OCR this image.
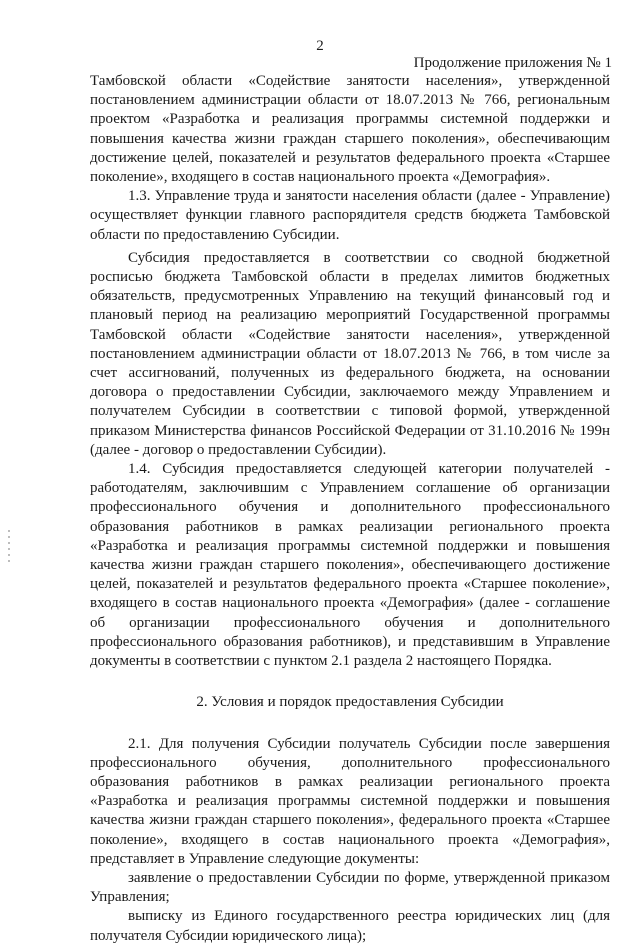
2
Продолжение приложения № 1

Тамбовской области «Содействие занятости населения», утвержденной постановлением администрации области от 18.07.2013 № 766, региональным проектом «Разработка и реализация программы системной поддержки и повышения качества жизни граждан старшего поколения», обеспечивающим достижение целей, показателей и результатов федерального проекта «Старшее поколение», входящего в состав национального проекта «Демография».

1.3. Управление труда и занятости населения области (далее - Управление) осуществляет функции главного распорядителя средств бюджета Тамбовской области по предоставлению Субсидии.

Субсидия предоставляется в соответствии со сводной бюджетной росписью бюджета Тамбовской области в пределах лимитов бюджетных обязательств, предусмотренных Управлению на текущий финансовый год и плановый период на реализацию мероприятий Государственной программы Тамбовской области «Содействие занятости населения», утвержденной постановлением администрации области от 18.07.2013 № 766, в том числе за счет ассигнований, полученных из федерального бюджета, на основании договора о предоставлении Субсидии, заключаемого между Управлением и получателем Субсидии в соответствии с типовой формой, утвержденной приказом Министерства финансов Российской Федерации от 31.10.2016 № 199н (далее - договор о предоставлении Субсидии).

1.4. Субсидия предоставляется следующей категории получателей - работодателям, заключившим с Управлением соглашение об организации профессионального обучения и дополнительного профессионального образования работников в рамках реализации регионального проекта «Разработка и реализация программы системной поддержки и повышения качества жизни граждан старшего поколения», обеспечивающего достижение целей, показателей и результатов федерального проекта «Старшее поколение», входящего в состав национального проекта «Демография» (далее - соглашение об организации профессионального обучения и дополнительного профессионального образования работников), и представившим в Управление документы в соответствии с пунктом 2.1 раздела 2 настоящего Порядка.

2. Условия и порядок предоставления Субсидии

2.1. Для получения Субсидии получатель Субсидии после завершения профессионального обучения, дополнительного профессионального образования работников в рамках реализации регионального проекта «Разработка и реализация программы системной поддержки и повышения качества жизни граждан старшего поколения», федерального проекта «Старшее поколение», входящего в состав национального проекта «Демография», представляет в Управление следующие документы:

заявление о предоставлении Субсидии по форме, утвержденной приказом Управления;

выписку из Единого государственного реестра юридических лиц (для получателя Субсидии юридического лица);
